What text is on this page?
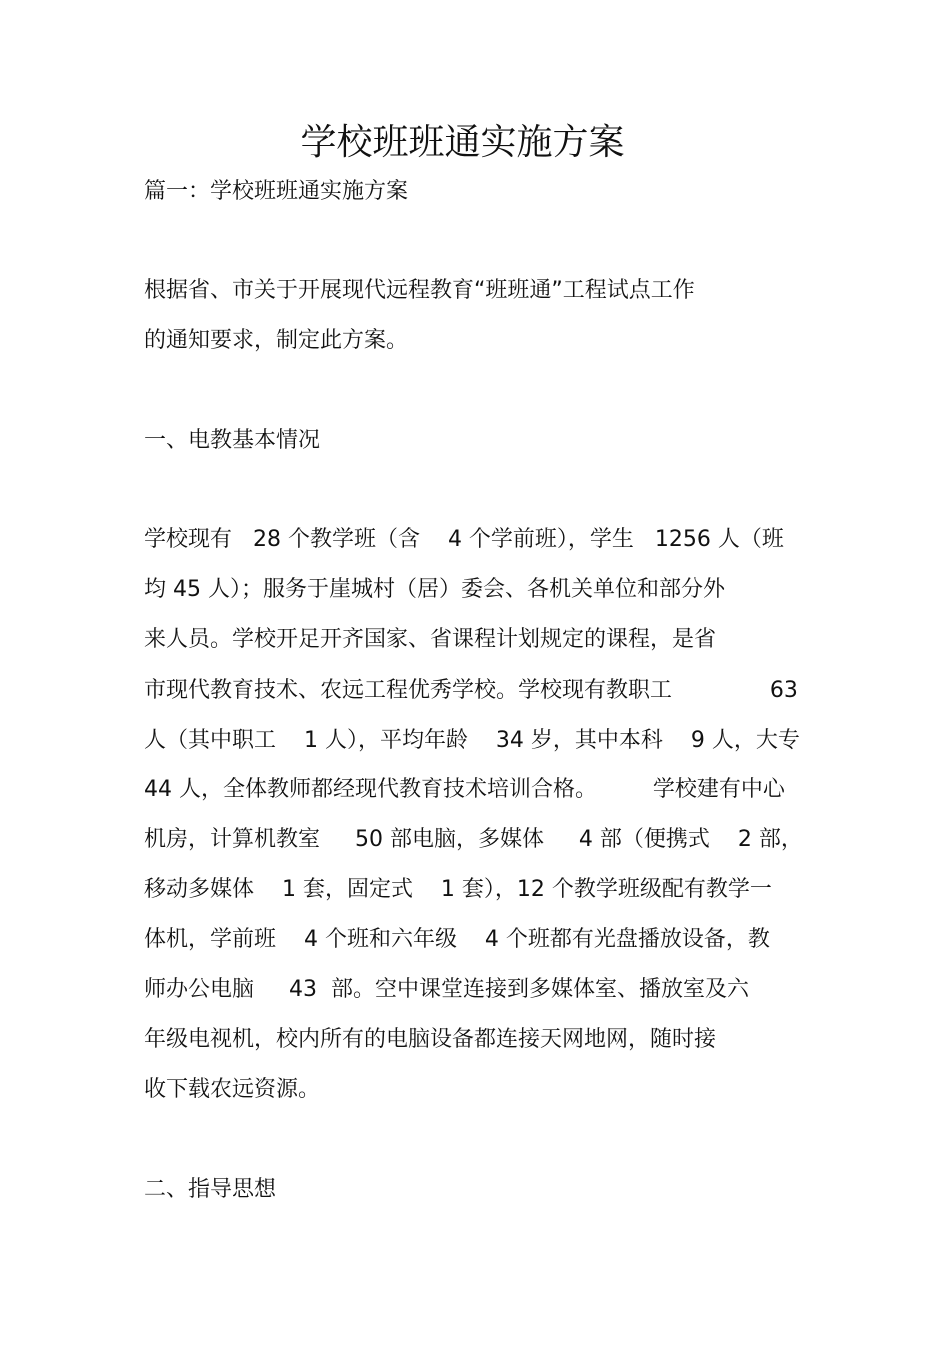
学校班班通实施方案

篇一：学校班班通实施方案

根据省、市关于开展现代远程教育“班班通”工程试点工作

的通知要求，制定此方案。

一、电教基本情况

学校现有   28 个教学班（含    4 个学前班），学生   1256 人（班

均 45 人）；服务于崖城村（居）委会、各机关单位和部分外

来人员。学校开足开齐国家、省课程计划规定的课程，是省

市现代教育技术、农远工程优秀学校。学校现有教职工              63

人（其中职工    1 人），平均年龄    34 岁，其中本科    9 人，大专

44 人，全体教师都经现代教育技术培训合格。        学校建有中心

机房，计算机教室     50 部电脑，多媒体     4 部（便携式    2 部，

移动多媒体    1 套，固定式    1 套），12 个教学班级配有教学一

体机，学前班    4 个班和六年级    4 个班都有光盘播放设备，教

师办公电脑     43  部。空中课堂连接到多媒体室、播放室及六

年级电视机，校内所有的电脑设备都连接天网地网，随时接

收下载农远资源。

二、指导思想
